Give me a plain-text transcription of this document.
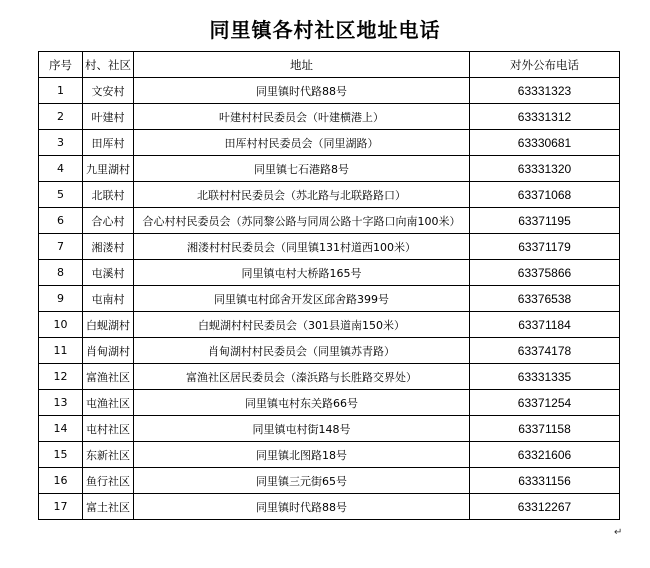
同里镇各村社区地址电话
序号	村、社区	地址	对外公布电话
1	文安村	同里镇时代路88号	63331323
2	叶建村	叶建村村民委员会（叶建横港上）	63331312
3	田厍村	田厍村村民委员会（同里湖路）	63330681
4	九里湖村	同里镇七石港路8号	63331320
5	北联村	北联村村民委员会（苏北路与北联路路口）	63371068
6	合心村	合心村村民委员会（苏同黎公路与同周公路十字路口向南100米）	63371195
7	湘溇村	湘溇村村民委员会（同里镇131村道西100米）	63371179
8	屯溪村	同里镇屯村大桥路165号	63375866
9	屯南村	同里镇屯村邱舍开发区邱舍路399号	63376538
10	白蚬湖村	白蚬湖村村民委员会（301县道南150米）	63371184
11	肖甸湖村	肖甸湖村村民委员会（同里镇苏青路）	63374178
12	富渔社区	富渔社区居民委员会（溱浜路与长胜路交界处）	63331335
13	屯渔社区	同里镇屯村东关路66号	63371254
14	屯村社区	同里镇屯村街148号	63371158
15	东新社区	同里镇北图路18号	63321606
16	鱼行社区	同里镇三元街65号	63331156
17	富土社区	同里镇时代路88号	63312267
↵
